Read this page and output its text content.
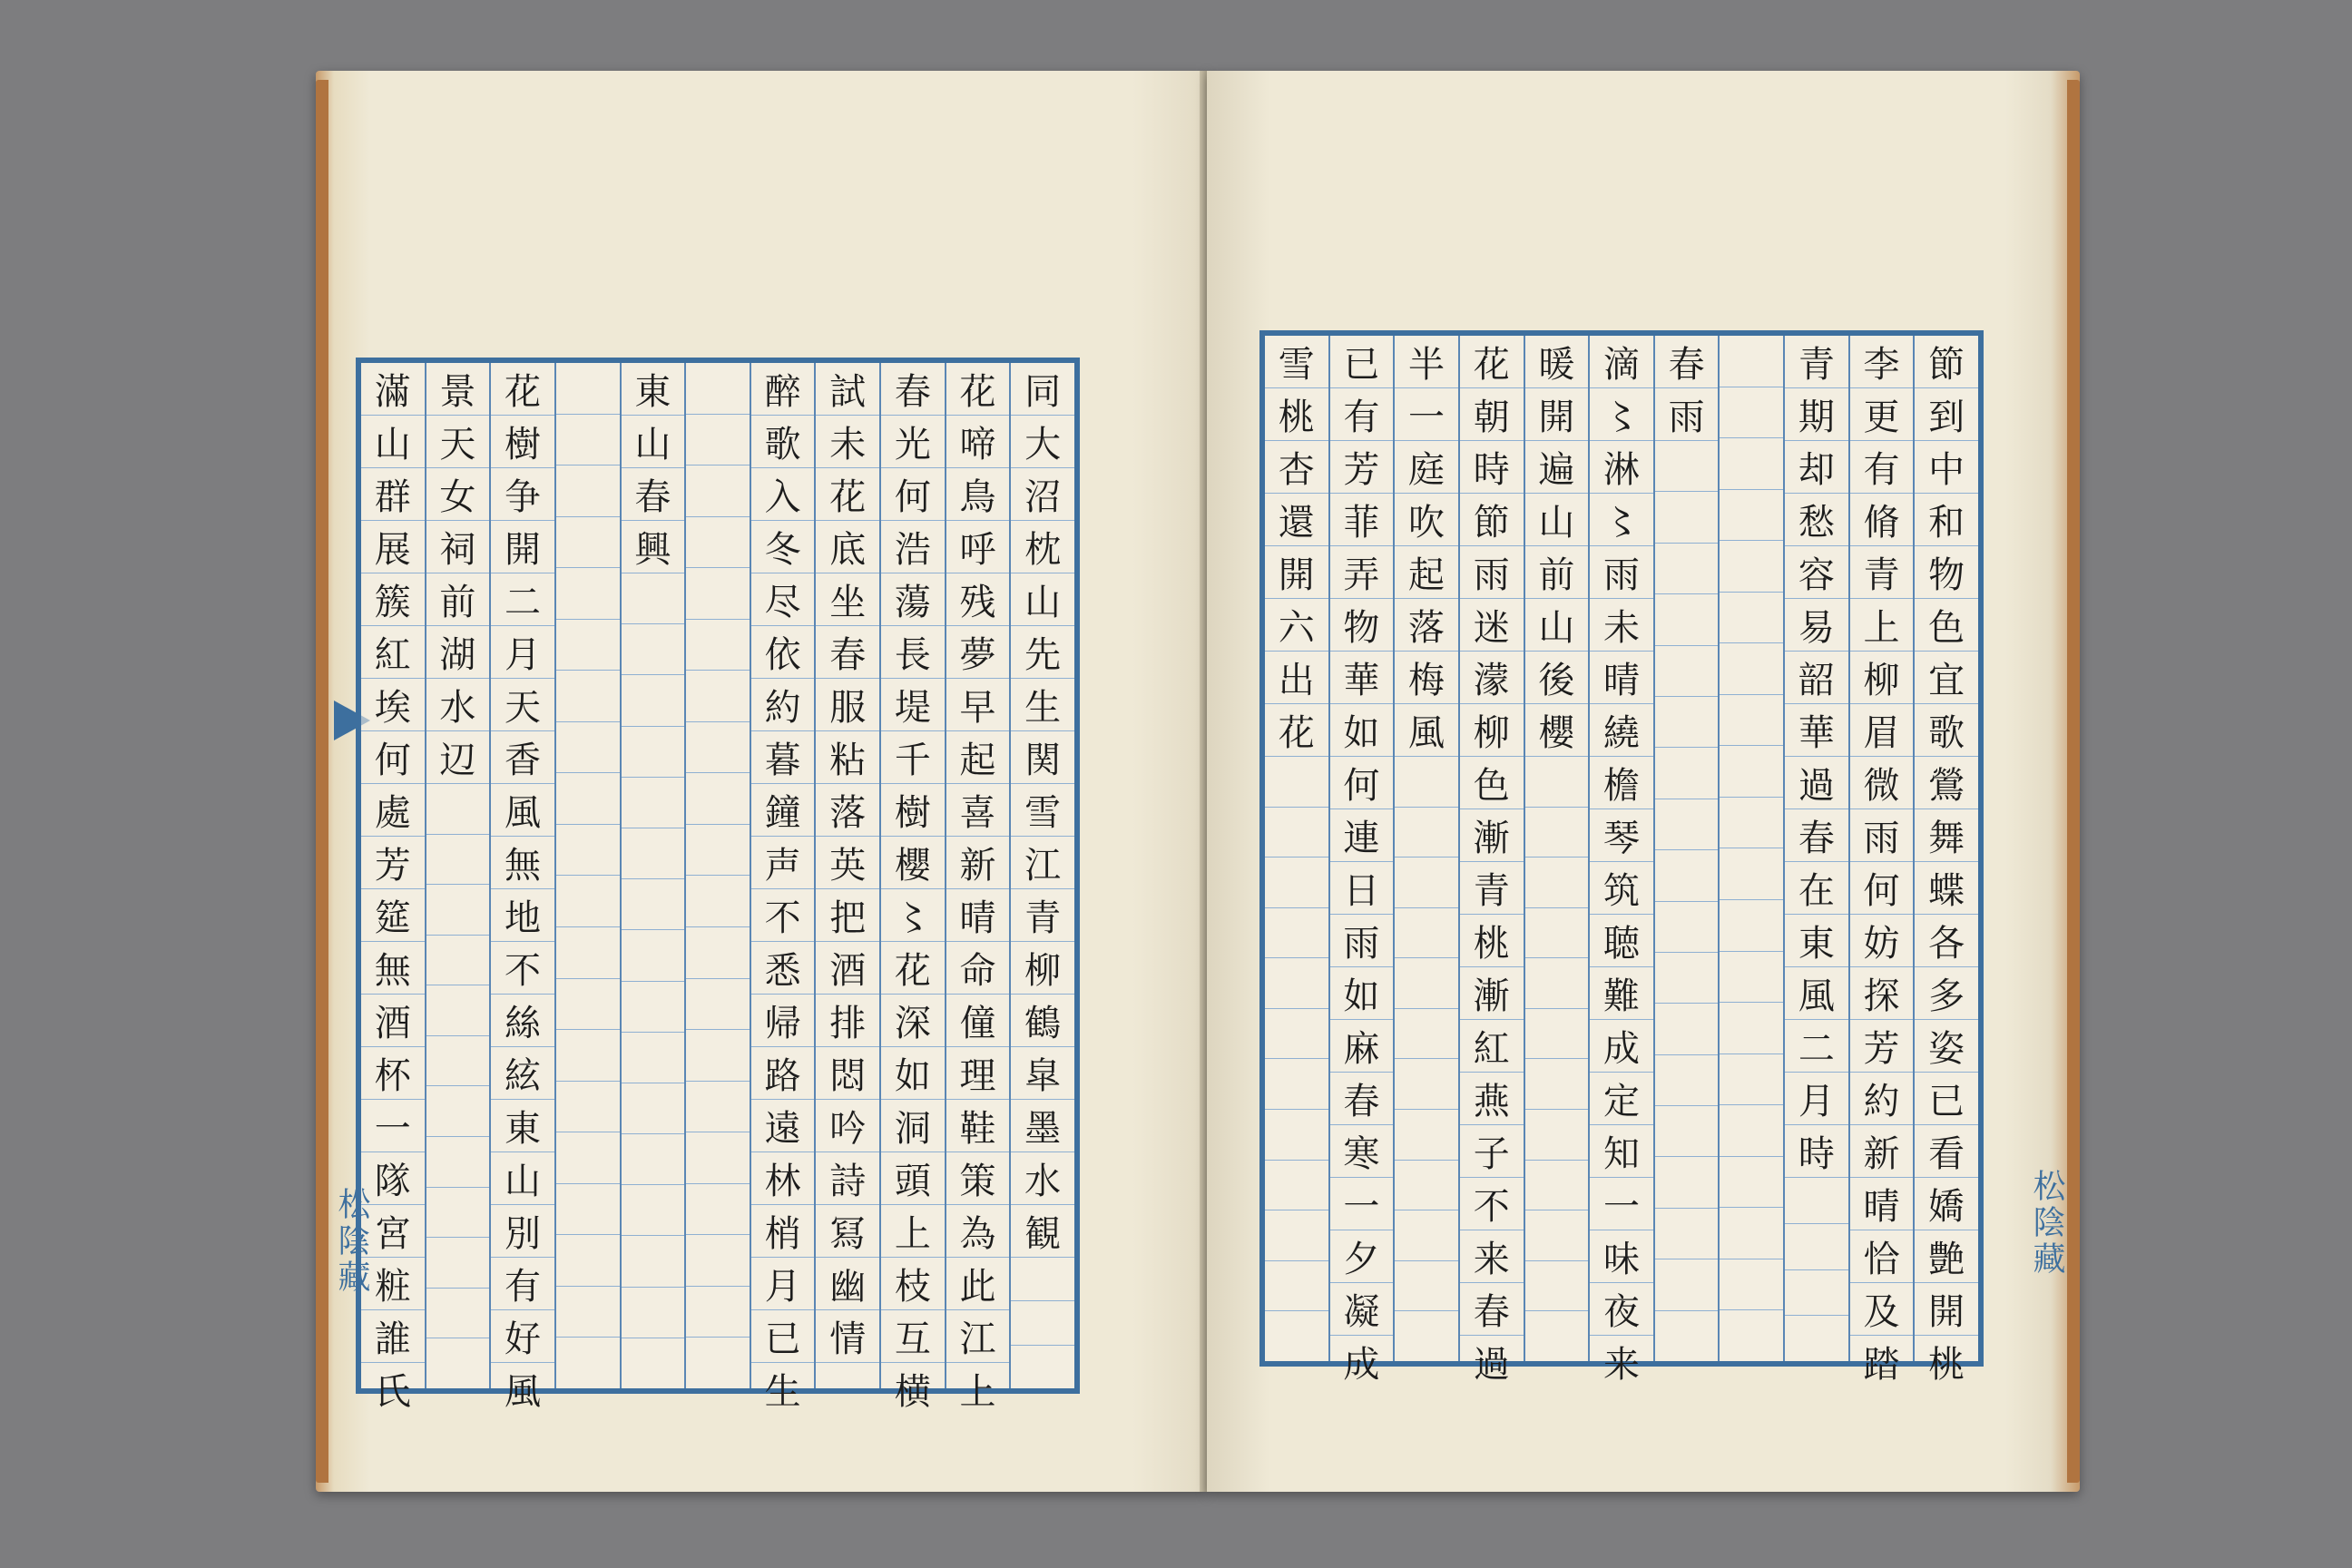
同
大
沼
枕
山
先
生
関
雪
江
青
柳
鶴
皐
墨
水
観
花
啼
鳥
呼
残
夢
早
起
喜
新
晴
命
僮
理
鞋
策
為
此
江
上
春
光
何
浩
蕩
長
堤
千
樹
櫻
〻
花
深
如
洞
頭
上
枝
互
横
試
未
花
底
坐
春
服
粘
落
英
把
酒
排
悶
吟
詩
冩
幽
情
醉
歌
入
冬
尽
依
約
暮
鐘
声
不
悉
帰
路
遠
林
梢
月
已
生
東
山
春
興
花
樹
争
開
二
月
天
香
風
無
地
不
絲
絃
東
山
別
有
好
風
景
天
女
祠
前
湖
水
辺
滿
山
群
展
簇
紅
埃
何
處
芳
筵
無
酒
杯
一
隊
宮
粧
誰
氏
松陰藏
節
到
中
和
物
色
宜
歌
鶯
舞
蝶
各
多
姿
已
看
嬌
艶
開
桃
李
更
有
脩
青
上
柳
眉
微
雨
何
妨
探
芳
約
新
晴
恰
及
踏
青
期
却
愁
容
易
韶
華
過
春
在
東
風
二
月
時
春
雨
滴
〻
淋
〻
雨
未
晴
繞
檐
琴
筑
聴
難
成
定
知
一
味
夜
来
暖
開
遍
山
前
山
後
櫻
花
朝
時
節
雨
迷
濛
柳
色
漸
青
桃
漸
紅
燕
子
不
来
春
過
半
一
庭
吹
起
落
梅
風
已
有
芳
菲
弄
物
華
如
何
連
日
雨
如
麻
春
寒
一
夕
凝
成
雪
桃
杏
還
開
六
出
花
松陰藏
